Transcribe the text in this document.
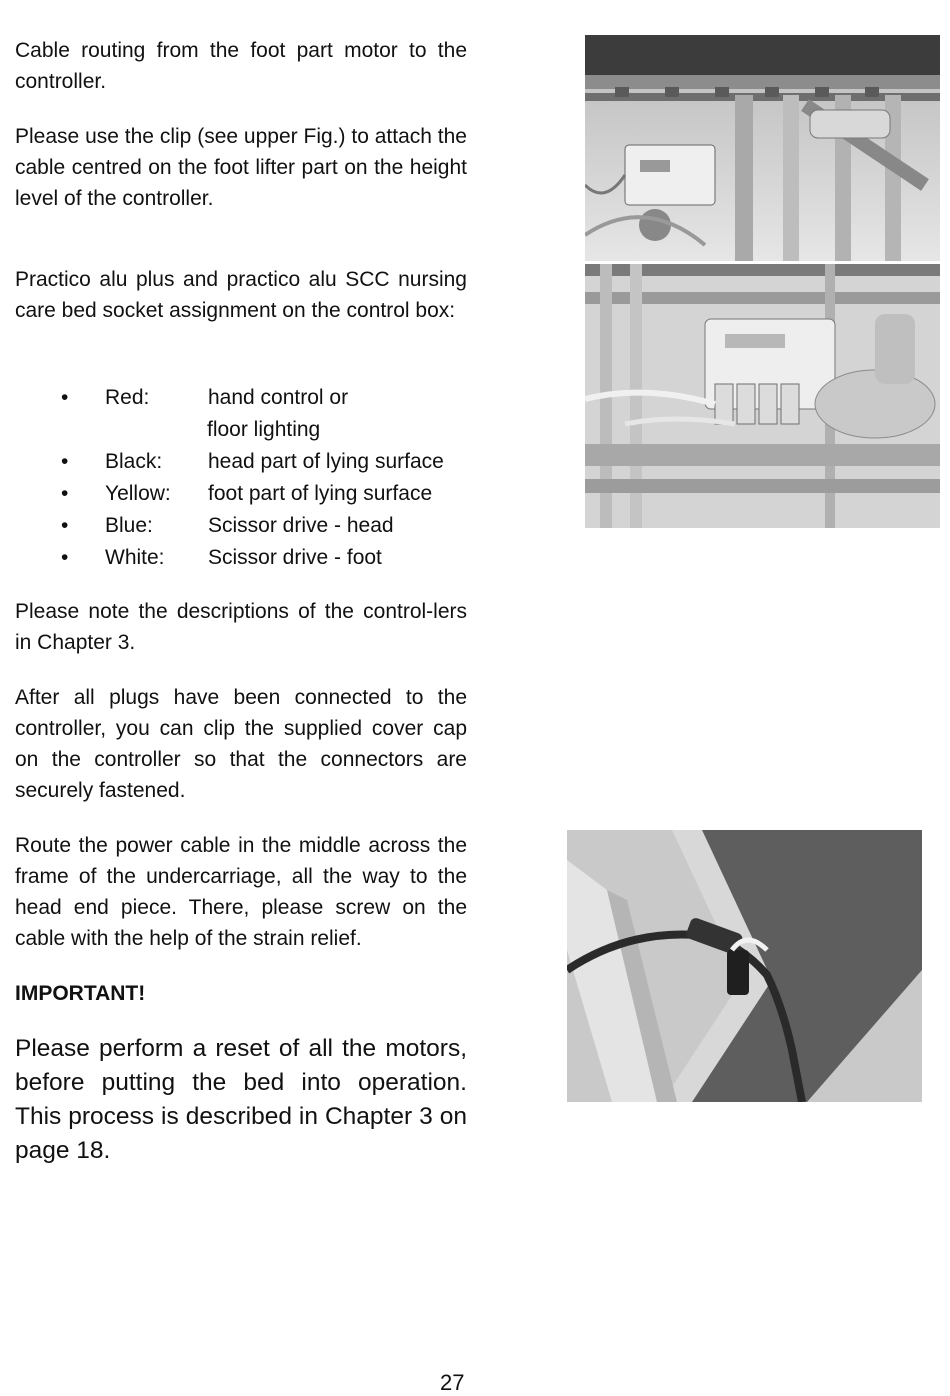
Cable routing from the foot part motor to the controller.

Please use the clip (see upper Fig.) to attach the cable centred on the foot lifter part on the height level of the controller.

Practico alu plus and practico alu SCC nursing care bed socket assignment on the control box:

• Red:	hand control or
floor lighting
• Black: head part of lying surface
• Yellow: foot part of lying surface
• Blue:	Scissor drive - head
• White: Scissor drive - foot

Please note the descriptions of the control-lers in Chapter 3.

After all plugs have been connected to the controller, you can clip the supplied cover cap on the controller so that the connectors are securely fastened.

Route the power cable in the middle across the frame of the undercarriage, all the way to the head end piece. There, please screw on the cable with the help of the strain relief.

IMPORTANT!

Please perform a reset of all the motors, before putting the bed into operation. This process is described in Chapter 3 on page 18.

27
